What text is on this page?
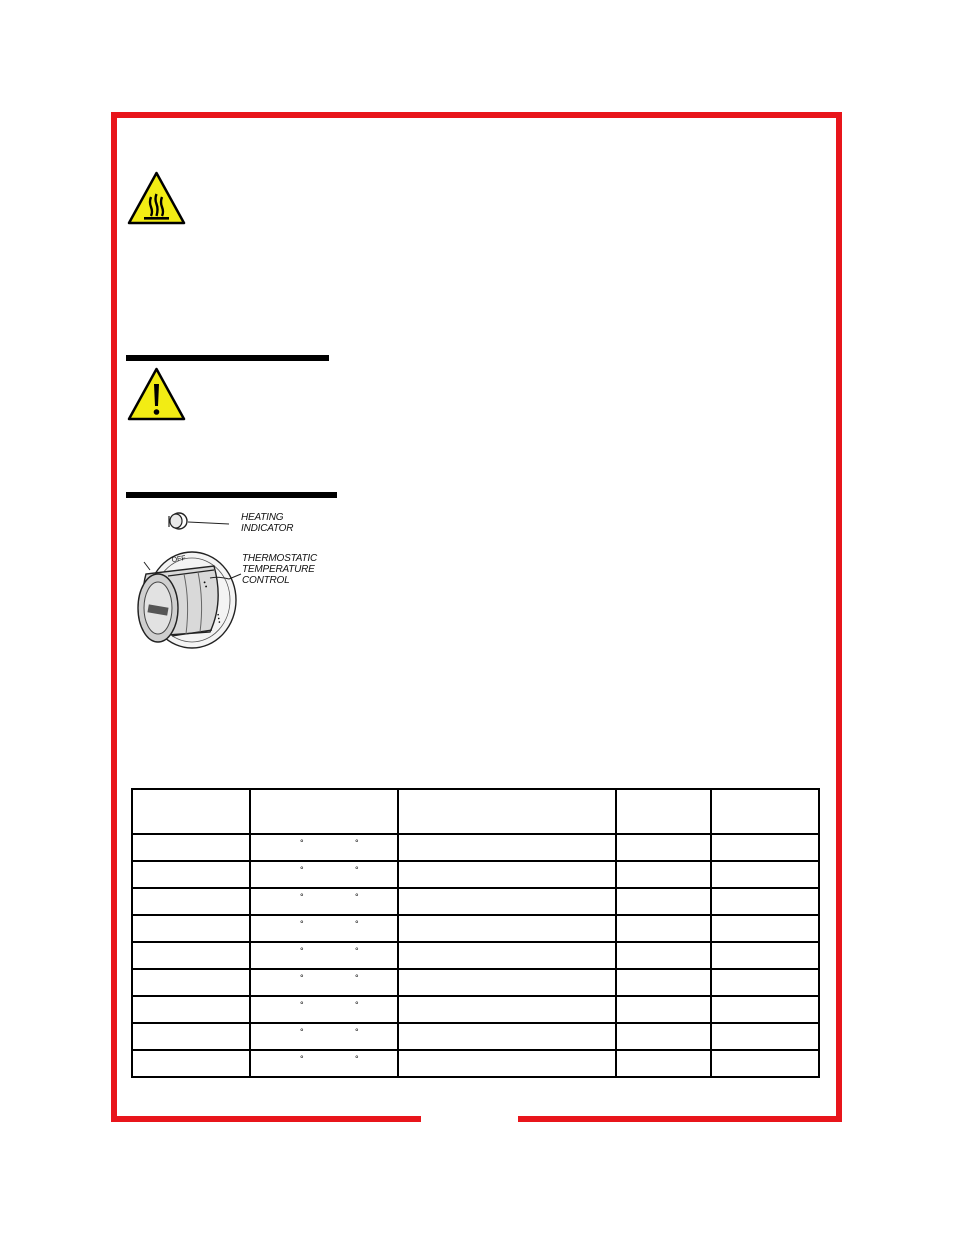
OFF
• •
• • •
HEATING
INDICATOR
THERMOSTATIC
TEMPERATURE
CONTROL

	° °			

	° °			

	° °			

	° °			

	° °			

	° °			

	° °			

	° °			

	° °			
